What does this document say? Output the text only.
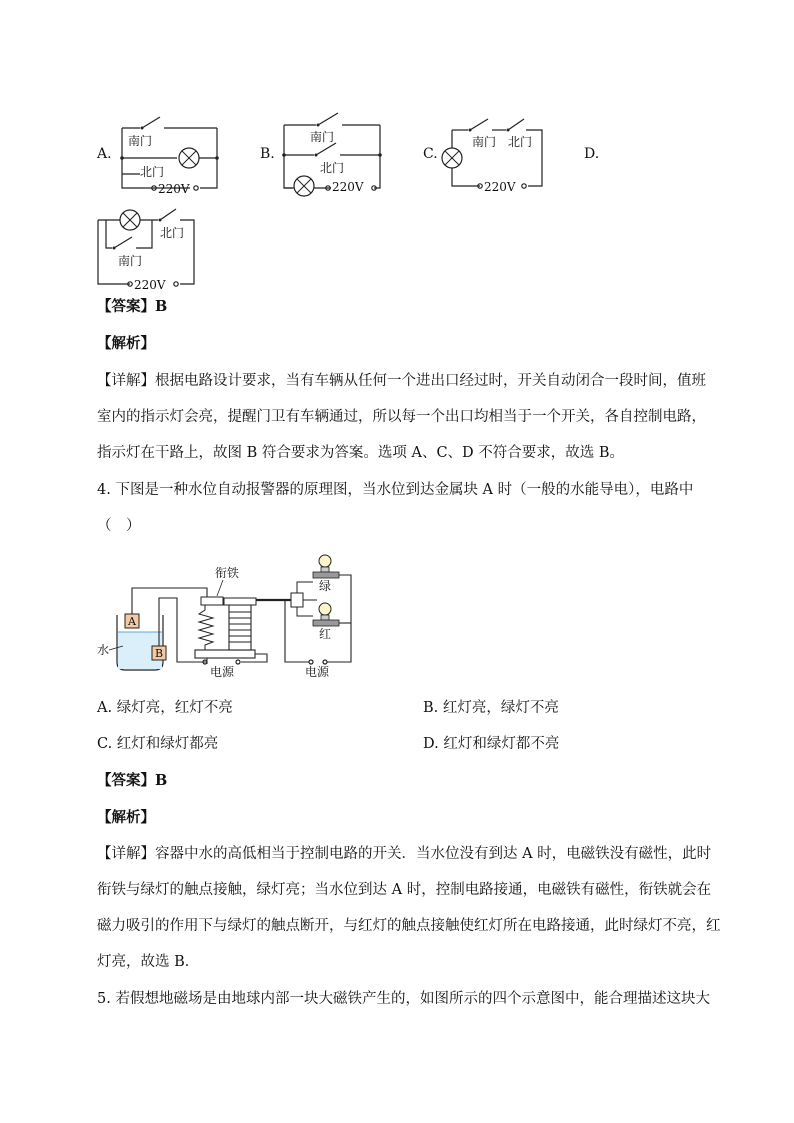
A.
南门
北门
220V
B.
南门
北门
220V
C.
南门 北门
220V
D.
北门
南门
220V
【答案】B
【解析】
【详解】根据电路设计要求，当有车辆从任何一个进出口经过时，开关自动闭合一段时间，值班
室内的指示灯会亮，提醒门卫有车辆通过，所以每一个出口均相当于一个开关，各自控制电路，
指示灯在干路上，故图 B 符合要求为答案。选项 A、C、D 不符合要求，故选 B。
4. 下图是一种水位自动报警器的原理图，当水位到达金属块 A 时（一般的水能导电），电路中
（　）
水
A
B
衔铁
电源
绿
红
电源
A. 绿灯亮，红灯不亮	B. 红灯亮，绿灯不亮
C. 红灯和绿灯都亮	D. 红灯和绿灯都不亮
【答案】B
【解析】
【详解】容器中水的高低相当于控制电路的开关．当水位没有到达 A 时，电磁铁没有磁性，此时
衔铁与绿灯的触点接触，绿灯亮；当水位到达 A 时，控制电路接通，电磁铁有磁性，衔铁就会在
磁力吸引的作用下与绿灯的触点断开，与红灯的触点接触使红灯所在电路接通，此时绿灯不亮，红
灯亮，故选 B．
5. 若假想地磁场是由地球内部一块大磁铁产生的，如图所示的四个示意图中，能合理描述这块大
